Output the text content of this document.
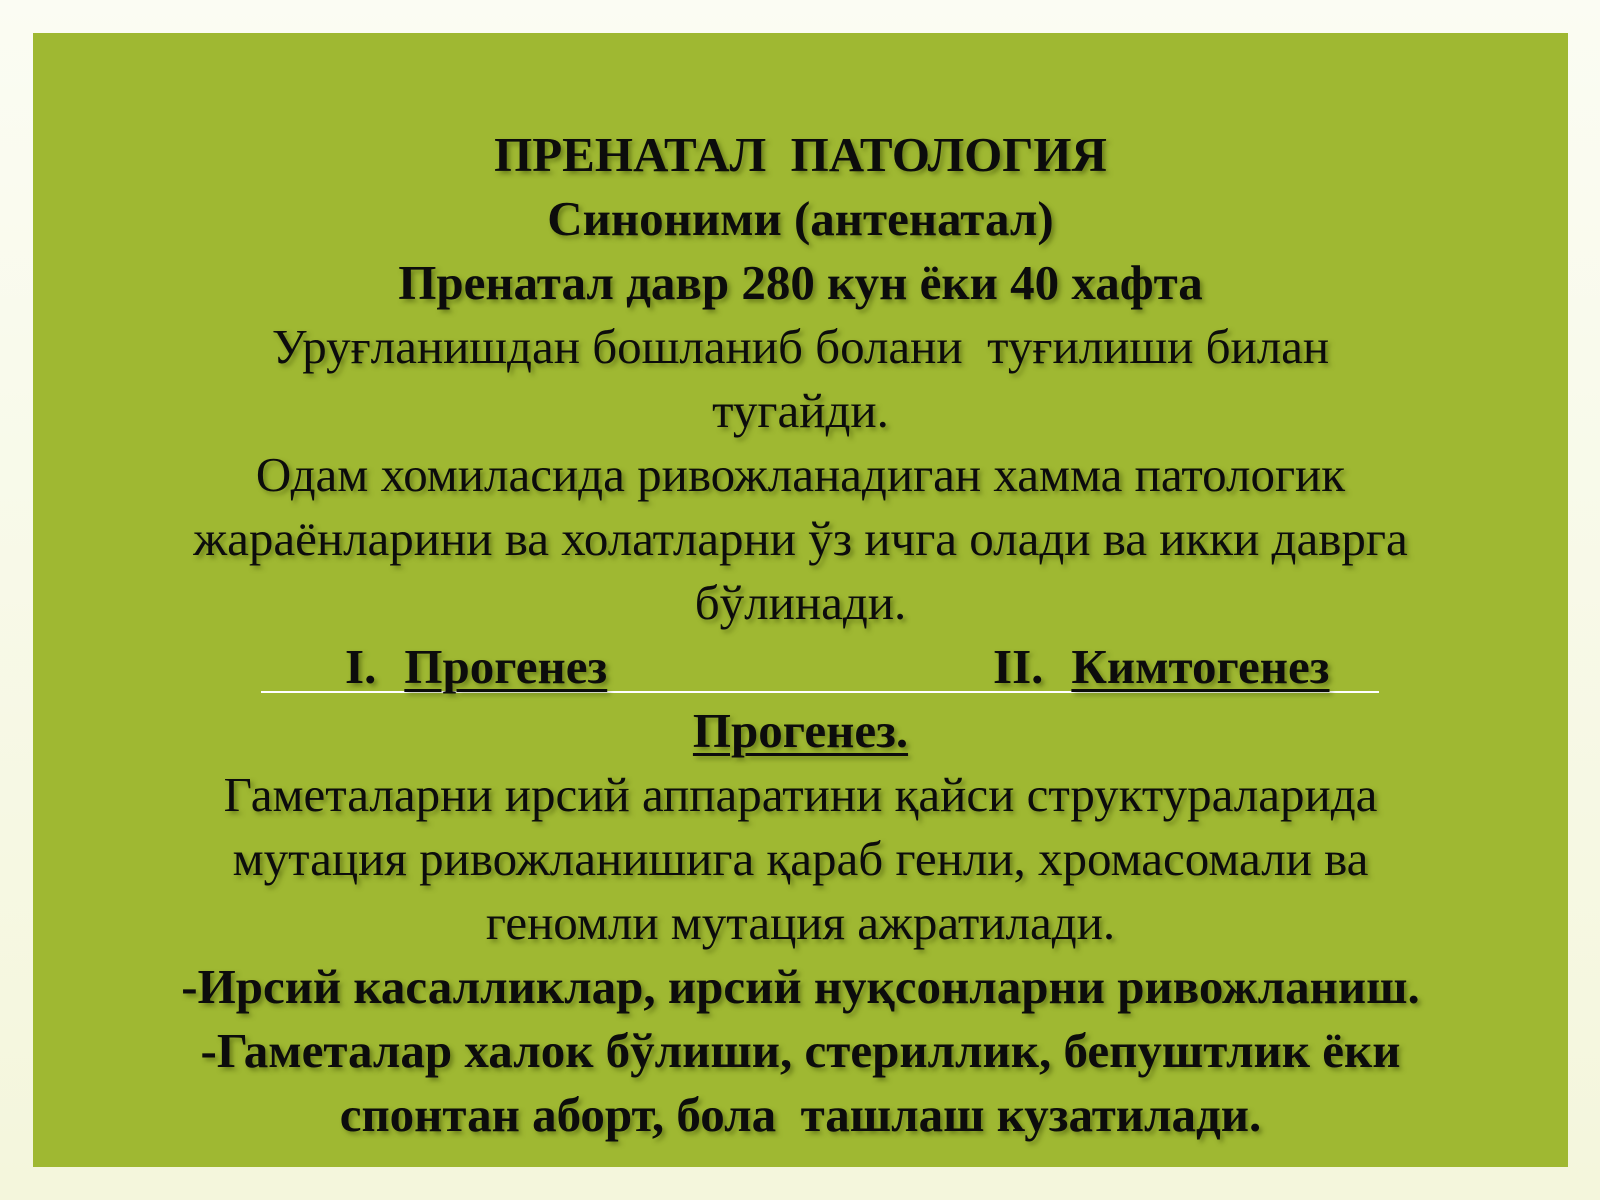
ПРЕНАТАЛ  ПАТОЛОГИЯ
Синоними (антенатал)
Пренатал давр 280 кун ёки 40 хафта
Уруғланишдан бошланиб болани  туғилиши билан
тугайди.
Одам хомиласида ривожланадиган хамма патологик
жараёнларини ва холатларни ўз ичга олади ва икки даврга
бўлинади.
I. Прогенез	II. Кимтогенез
Прогенез.
Гаметаларни ирсий аппаратини қайси структураларида
мутация ривожланишига қараб генли, хромасомали ва
геномли мутация ажратилади.
-Ирсий касалликлар, ирсий нуқсонларни ривожланиш.
-Гаметалар халок бўлиши, стериллик, бепуштлик ёки
спонтан аборт, бола  ташлаш кузатилади.
